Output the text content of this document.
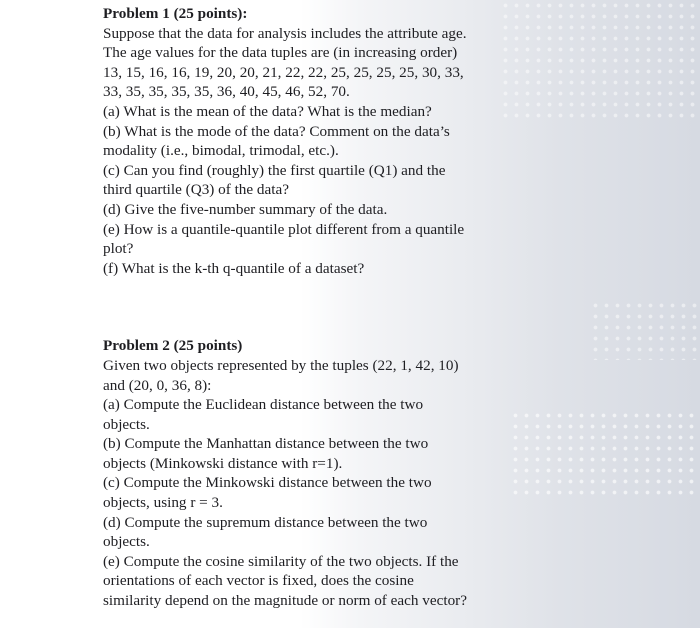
Problem 1 (25 points):
Suppose that the data for analysis includes the attribute age.
The age values for the data tuples are (in increasing order)
13, 15, 16, 16, 19, 20, 20, 21, 22, 22, 25, 25, 25, 25, 30, 33,
33, 35, 35, 35, 35, 36, 40, 45, 46, 52, 70.
(a) What is the mean of the data? What is the median?
(b) What is the mode of the data? Comment on the data’s
modality (i.e., bimodal, trimodal, etc.).
(c) Can you find (roughly) the first quartile (Q1) and the
third quartile (Q3) of the data?
(d) Give the five-number summary of the data.
(e) How is a quantile-quantile plot different from a quantile
plot?
(f) What is the k-th q-quantile of a dataset?
Problem 2 (25 points)
Given two objects represented by the tuples (22, 1, 42, 10)
and (20, 0, 36, 8):
(a) Compute the Euclidean distance between the two
objects.
(b) Compute the Manhattan distance between the two
objects (Minkowski distance with r=1).
(c) Compute the Minkowski distance between the two
objects, using r = 3.
(d) Compute the supremum distance between the two
objects.
(e) Compute the cosine similarity of the two objects. If the
orientations of each vector is fixed, does the cosine
similarity depend on the magnitude or norm of each vector?
